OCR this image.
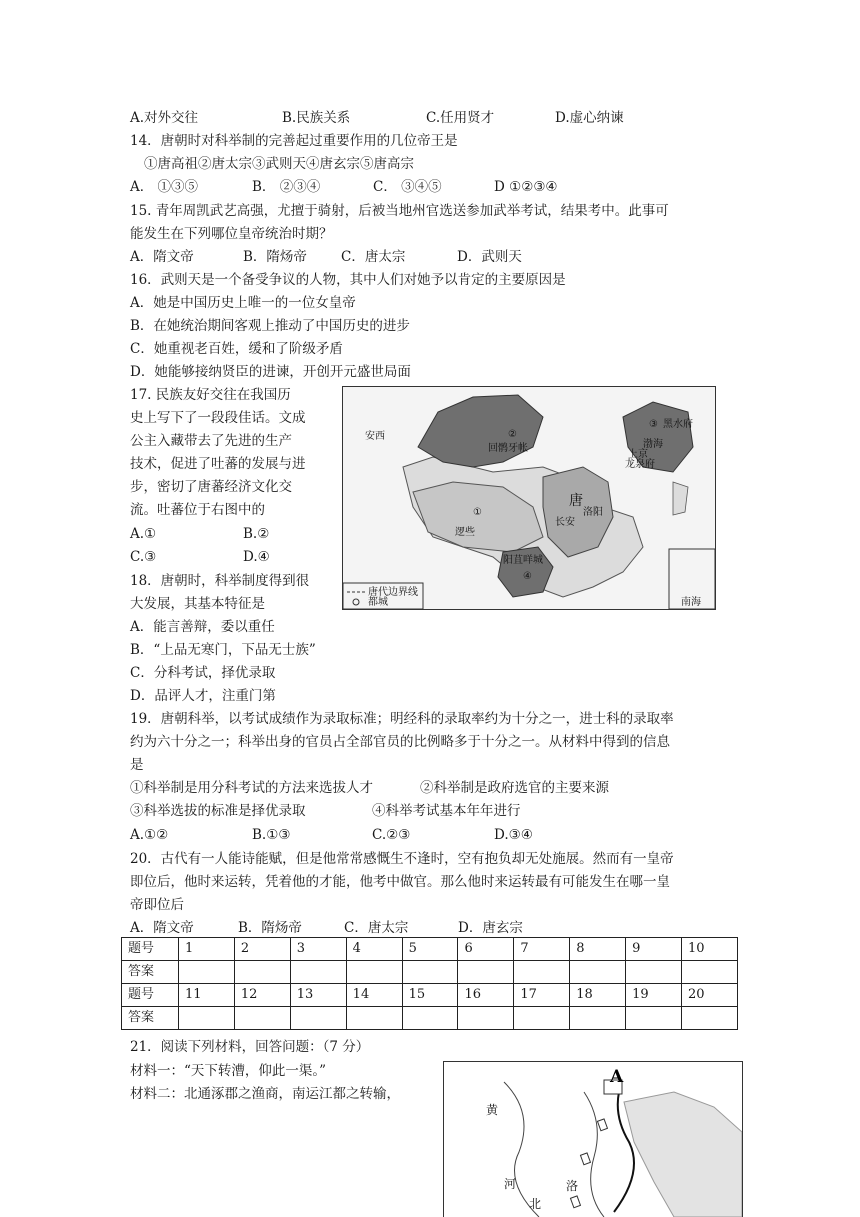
A.对外交往	B.民族关系	C.任用贤才	D.虚心纳谏
14．唐朝时对科举制的完善起过重要作用的几位帝王是
①唐高祖②唐太宗③武则天④唐玄宗⑤唐高宗
A． ①③⑤	B． ②③④	C． ③④⑤	D ①②③④
15. 青年周凯武艺高强，尤擅于骑射，后被当地州官选送参加武举考试，结果考中。此事可
能发生在下列哪位皇帝统治时期？
A．隋文帝	B．隋炀帝	C．唐太宗	D．武则天
16．武则天是一个备受争议的人物，其中人们对她予以肯定的主要原因是
A．她是中国历史上唯一的一位女皇帝
B．在她统治期间客观上推动了中国历史的进步
C．她重视老百姓，缓和了阶级矛盾
D．她能够接纳贤臣的进谏，开创开元盛世局面
17. 民族友好交往在我国历
史上写下了一段段佳话。文成
公主入藏带去了先进的生产
技术，促进了吐蕃的发展与进
步，密切了唐蕃经济文化交
流。吐蕃位于右图中的
A.①	B.②
C.③	D.④
唐代边界线
都城
②
①
③
④
回鹘牙帐
安西
逻些
阳苴咩城
唐
长安
洛阳
渤海
上京
龙泉府
黑水府
南海
18．唐朝时，科举制度得到很
大发展，其基本特征是
A．能言善辩，委以重任
B．“上品无寒门，下品无士族”
C．分科考试，择优录取
D．品评人才，注重门第
19．唐朝科举，以考试成绩作为录取标准；明经科的录取率约为十分之一，进士科的录取率
约为六十分之一；科举出身的官员占全部官员的比例略多于十分之一。从材料中得到的信息
是
①科举制是用分科考试的方法来选拔人才	②科举制是政府选官的主要来源
③科举选拔的标准是择优录取	④科举考试基本年年进行
A.①②	B.①③	C.②③	D.③④
20．古代有一人能诗能赋，但是他常常感慨生不逢时，空有抱负却无处施展。然而有一皇帝
即位后，他时来运转，凭着他的才能，他考中做官。那么他时来运转最有可能发生在哪一皇
帝即位后
A．隋文帝	B．隋炀帝	C．唐太宗	D．唐玄宗
题号	1	2	3	4	5	6	7	8	9	10
答案										
题号	11	12	13	14	15	16	17	18	19	20
答案										
21．阅读下列材料，回答问题：（7 分）
材料一：“天下转漕，仰此一渠。”
材料二：北通涿郡之渔商，南运江都之转输，
A
黄
河
北
洛
